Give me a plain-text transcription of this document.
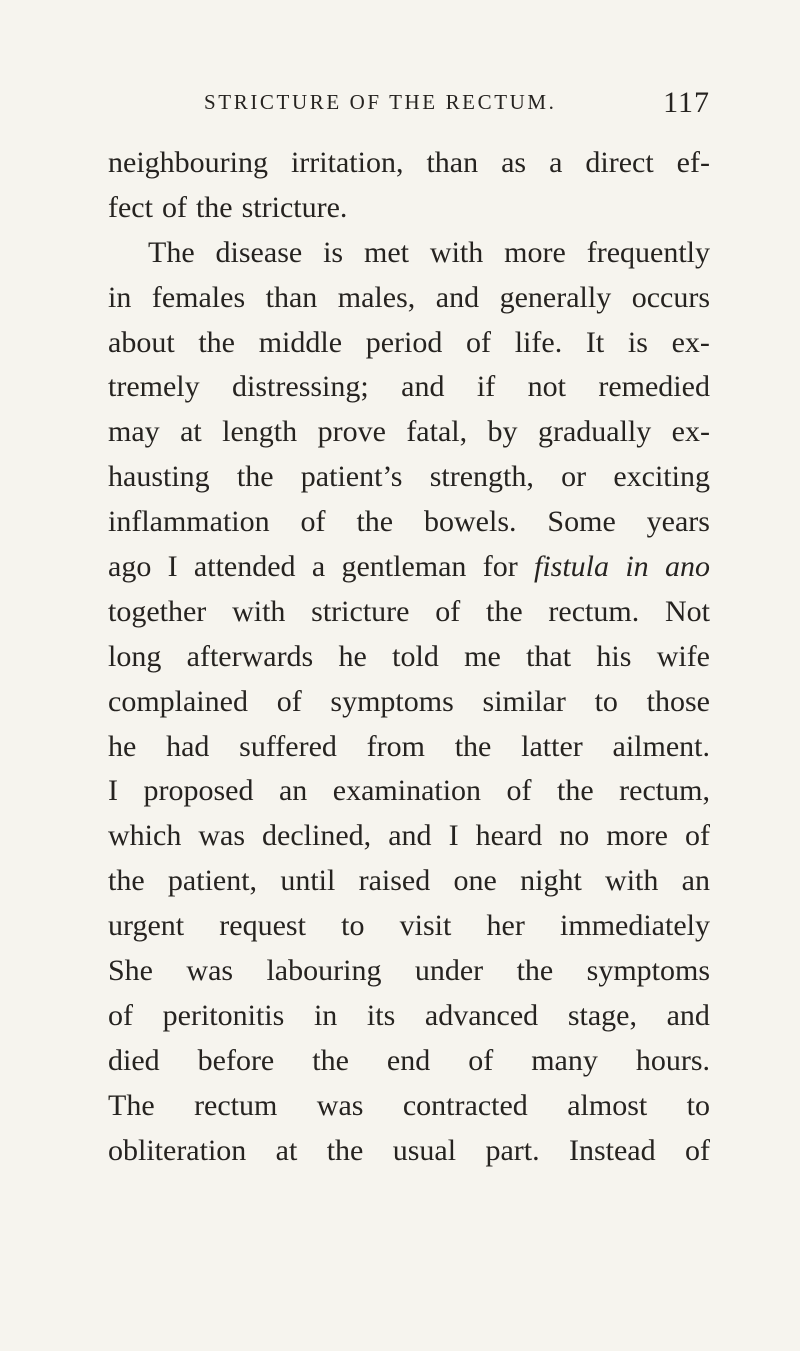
STRICTURE OF THE RECTUM.	117
neighbouring irritation, than as a direct ef-
fect of the stricture.
The disease is met with more frequently
in females than males, and generally occurs
about the middle period of life. It is ex-
tremely distressing; and if not remedied
may at length prove fatal, by gradually ex-
hausting the patient’s strength, or exciting
inflammation of the bowels. Some years
ago I attended a gentleman for fistula in ano
together with stricture of the rectum. Not
long afterwards he told me that his wife
complained of symptoms similar to those
he had suffered from the latter ailment.
I proposed an examination of the rectum,
which was declined, and I heard no more of
the patient, until raised one night with an
urgent request to visit her immediately
She was labouring under the symptoms
of peritonitis in its advanced stage, and
died before the end of many hours.
The rectum was contracted almost to
obliteration at the usual part. Instead of
